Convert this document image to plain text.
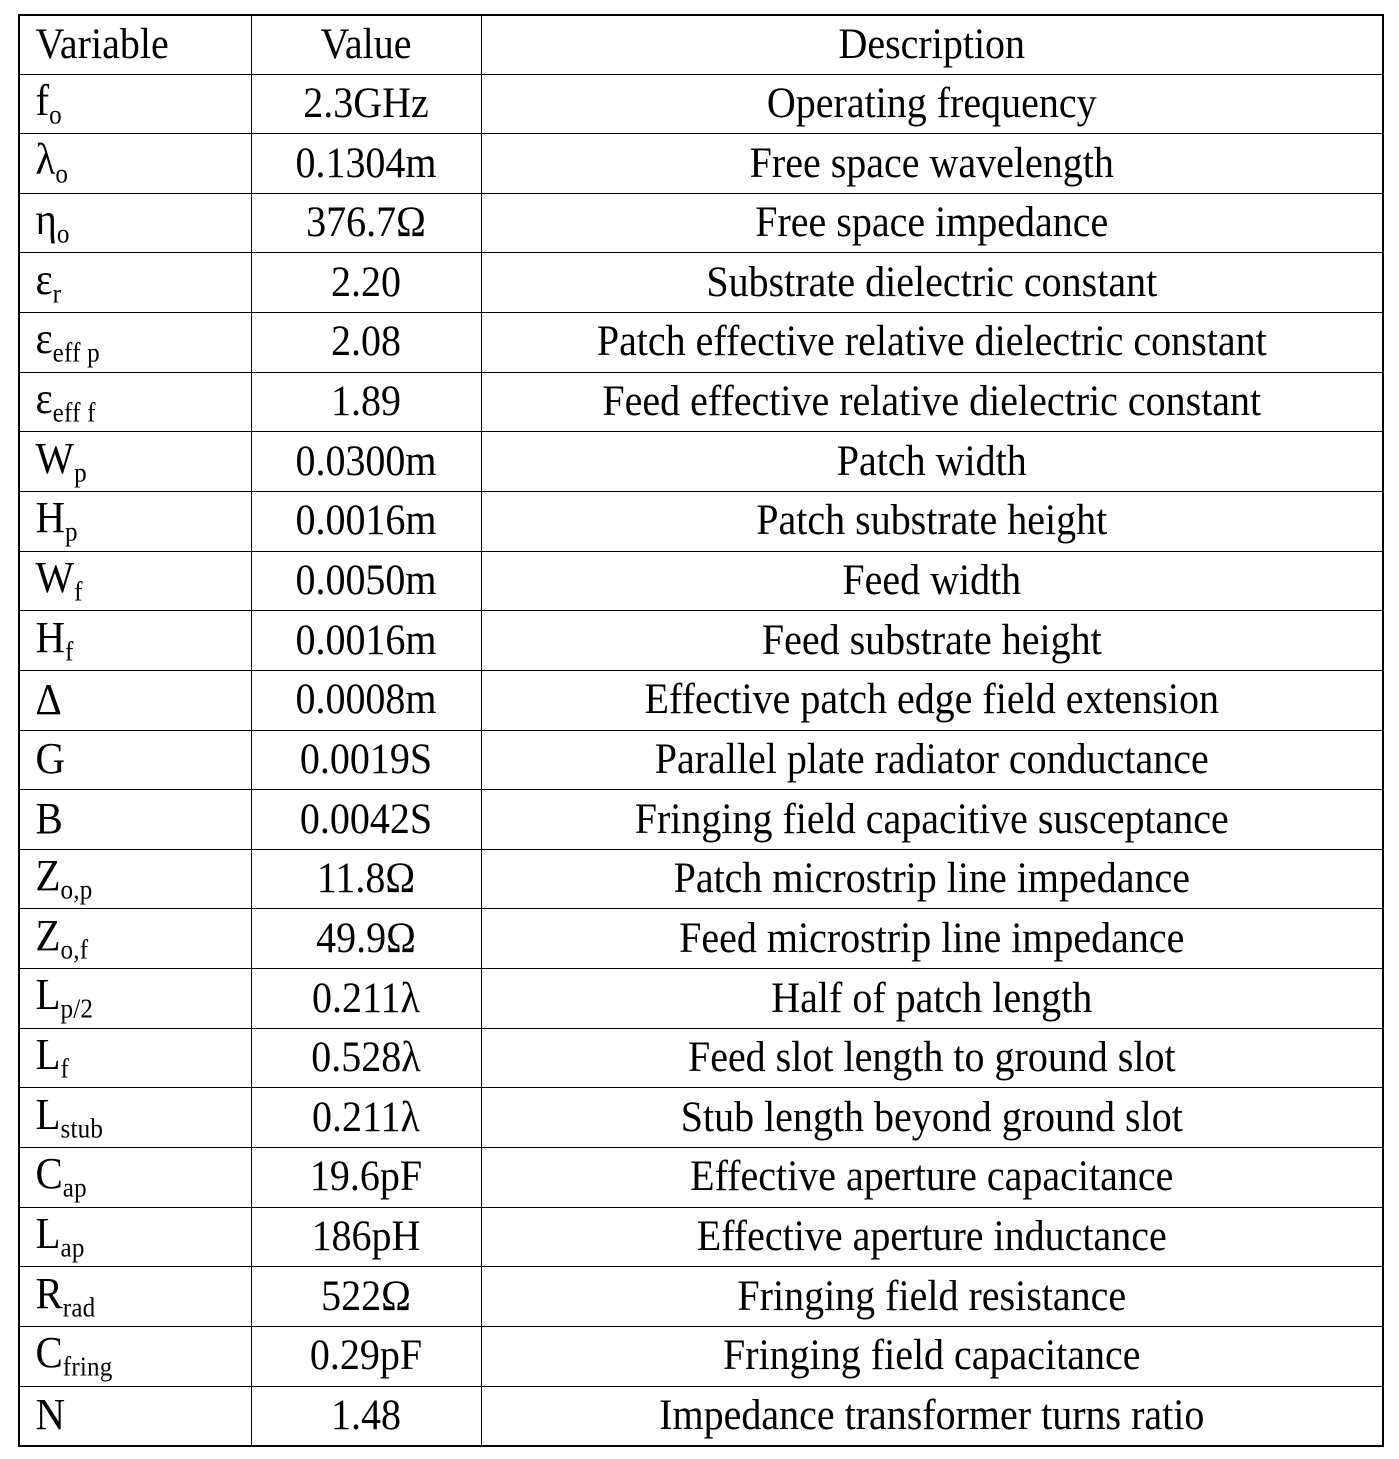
Variable	Value	Description
$f_o$	2.3GHz	Operating frequency
$\lambda_o$	0.1304m	Free space wavelength
$\eta_o$	376.7Ω	Free space impedance
$\varepsilon_r$	2.20	Substrate dielectric constant
$\varepsilon_{eff p}$	2.08	Patch effective relative dielectric constant
$\varepsilon_{eff f}$	1.89	Feed effective relative dielectric constant
$W_p$	0.0300m	Patch width
$H_p$	0.0016m	Patch substrate height
$W_f$	0.0050m	Feed width
$H_f$	0.0016m	Feed substrate height
Δ	0.0008m	Effective patch edge field extension
G	0.0019S	Parallel plate radiator conductance
B	0.0042S	Fringing field capacitive susceptance
$Z_{o,p}$	11.8Ω	Patch microstrip line impedance
$Z_{o,f}$	49.9Ω	Feed microstrip line impedance
$L_{p/2}$	0.211λ	Half of patch length
$L_f$	0.528λ	Feed slot length to ground slot
$L_{stub}$	0.211λ	Stub length beyond ground slot
$C_{ap}$	19.6pF	Effective aperture capacitance
$L_{ap}$	186pH	Effective aperture inductance
$R_{rad}$	522Ω	Fringing field resistance
$C_{fring}$	0.29pF	Fringing field capacitance
N	1.48	Impedance transformer turns ratio
